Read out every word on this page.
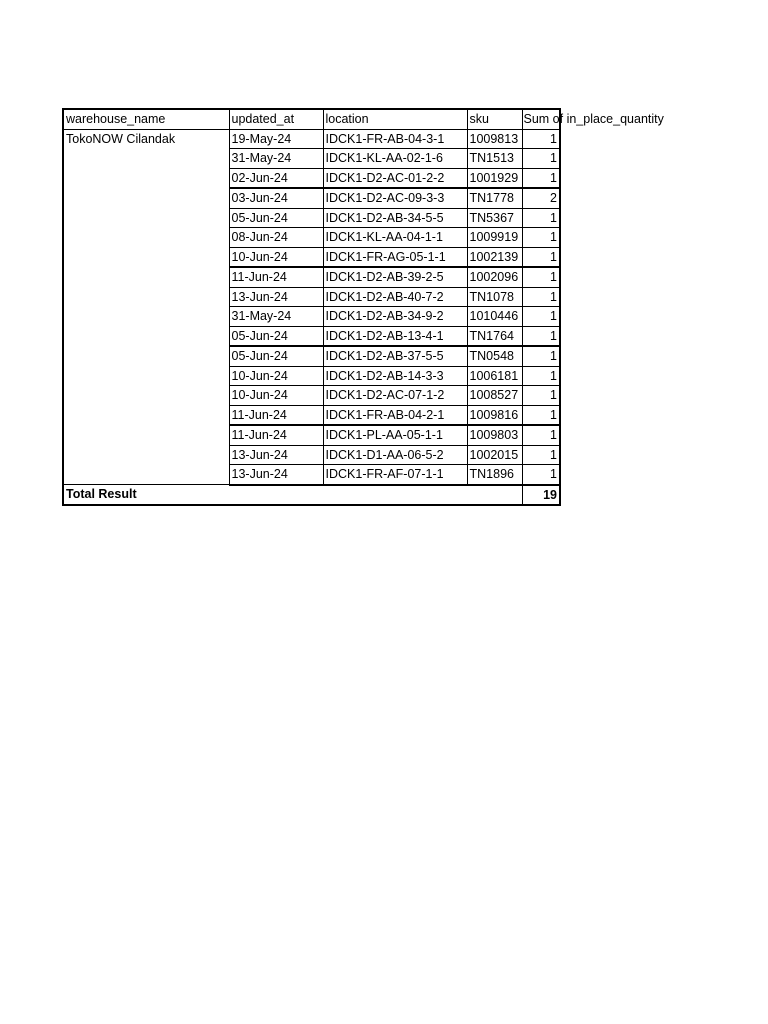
warehouse_name	updated_at	location	sku	Sum of in_place_quantity

TokoNOW Cilandak	19-May-24	IDCK1-FR-AB-04-3-1	1009813	1
	31-May-24	IDCK1-KL-AA-02-1-6	TN1513	1
	02-Jun-24	IDCK1-D2-AC-01-2-2	1001929	1
	03-Jun-24	IDCK1-D2-AC-09-3-3	TN1778	2
	05-Jun-24	IDCK1-D2-AB-34-5-5	TN5367	1
	08-Jun-24	IDCK1-KL-AA-04-1-1	1009919	1
	10-Jun-24	IDCK1-FR-AG-05-1-1	1002139	1
	11-Jun-24	IDCK1-D2-AB-39-2-5	1002096	1
	13-Jun-24	IDCK1-D2-AB-40-7-2	TN1078	1
	31-May-24	IDCK1-D2-AB-34-9-2	1010446	1
	05-Jun-24	IDCK1-D2-AB-13-4-1	TN1764	1
	05-Jun-24	IDCK1-D2-AB-37-5-5	TN0548	1
	10-Jun-24	IDCK1-D2-AB-14-3-3	1006181	1
	10-Jun-24	IDCK1-D2-AC-07-1-2	1008527	1
	11-Jun-24	IDCK1-FR-AB-04-2-1	1009816	1
	11-Jun-24	IDCK1-PL-AA-05-1-1	1009803	1
	13-Jun-24	IDCK1-D1-AA-06-5-2	1002015	1
	13-Jun-24	IDCK1-FR-AF-07-1-1	TN1896	1
Total Result				19
